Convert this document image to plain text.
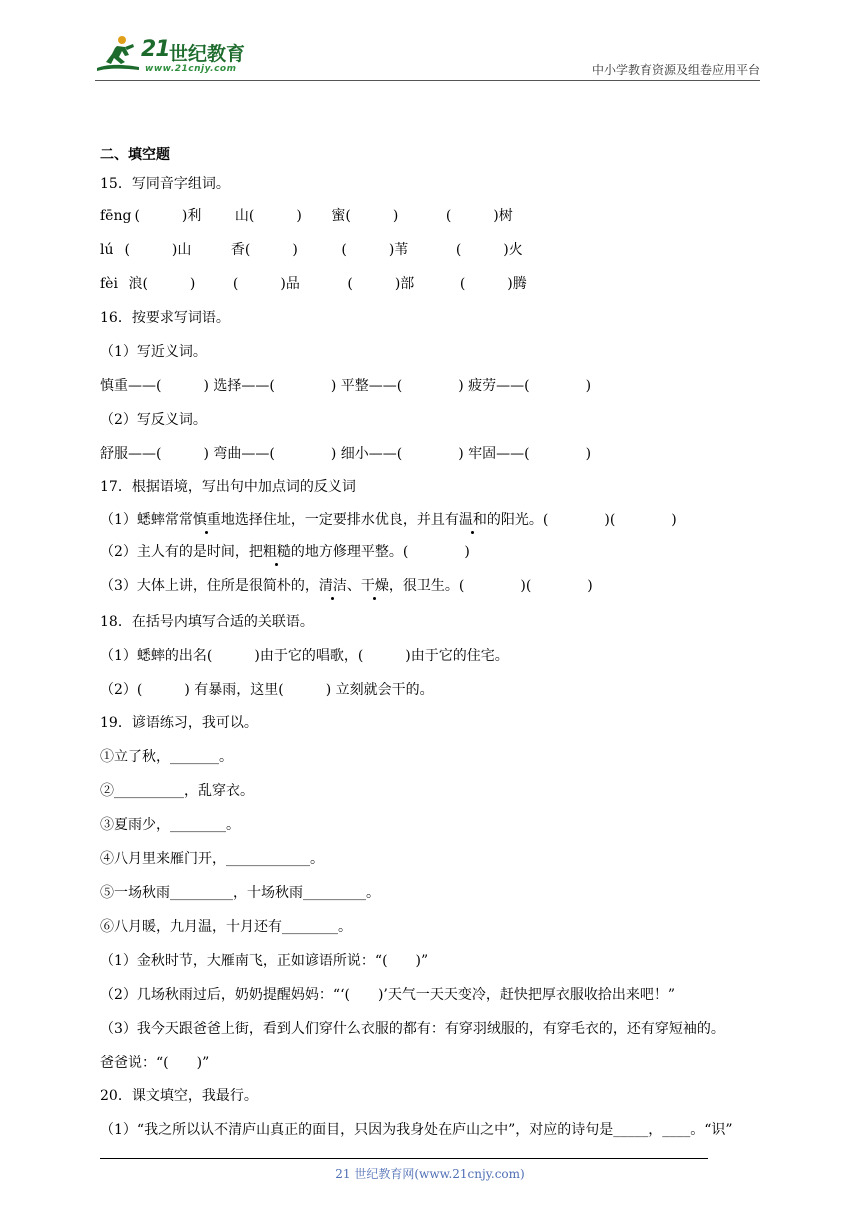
21 世纪教育
www.21cnjy.com	中小学教育资源及组卷应用平台
二、填空题
15．写同音字组词。
fēng (　　　)利 山(　　　) 蜜(　　　)	(　　　)树
lú (　　　)山	香(　　　)	(　　　)苇	(　　　)火
fèi 浪(　　　)	(　　　)品	(　　　)部	(　　　)腾
16．按要求写词语。
（1）写近义词。
慎重——(　　　) 选择——(　　　　) 平整——(　　　　) 疲劳——(　　　　)
（2）写反义词。
舒服——(　　　) 弯曲——(　　　　) 细小——(　　　　) 牢固——(　　　　)
17．根据语境，写出句中加点词的反义词
（1）蟋蟀常常慎重地选择住址，一定要排水优良，并且有温和的阳光。(　　　　)(　　　　)
（2）主人有的是时间，把粗糙的地方修理平整。(　　　　)
（3）大体上讲，住所是很简朴的，清洁、干燥，很卫生。(　　　　)(　　　　)
18．在括号内填写合适的关联语。
（1）蟋蟀的出名(　　　)由于它的唱歌，(　　　)由于它的住宅。
（2）(　　　) 有暴雨，这里(　　　) 立刻就会干的。
19．谚语练习，我可以。
①立了秋，_______。
②__________，乱穿衣。
③夏雨少，________。
④八月里来雁门开，____________。
⑤一场秋雨_________，十场秋雨_________。
⑥八月暖，九月温，十月还有________。
（1）金秋时节，大雁南飞，正如谚语所说：“(　　)”
（2）几场秋雨过后，奶奶提醒妈妈：“‘(　　)’天气一天天变冷，赶快把厚衣服收拾出来吧！”
（3）我今天跟爸爸上街，看到人们穿什么衣服的都有：有穿羽绒服的，有穿毛衣的，还有穿短袖的。
爸爸说：“(　　)”
20．课文填空，我最行。
（1）“我之所以认不清庐山真正的面目，只因为我身处在庐山之中”，对应的诗句是_____，____。“识”
21 世纪教育网(www.21cnjy.com)
